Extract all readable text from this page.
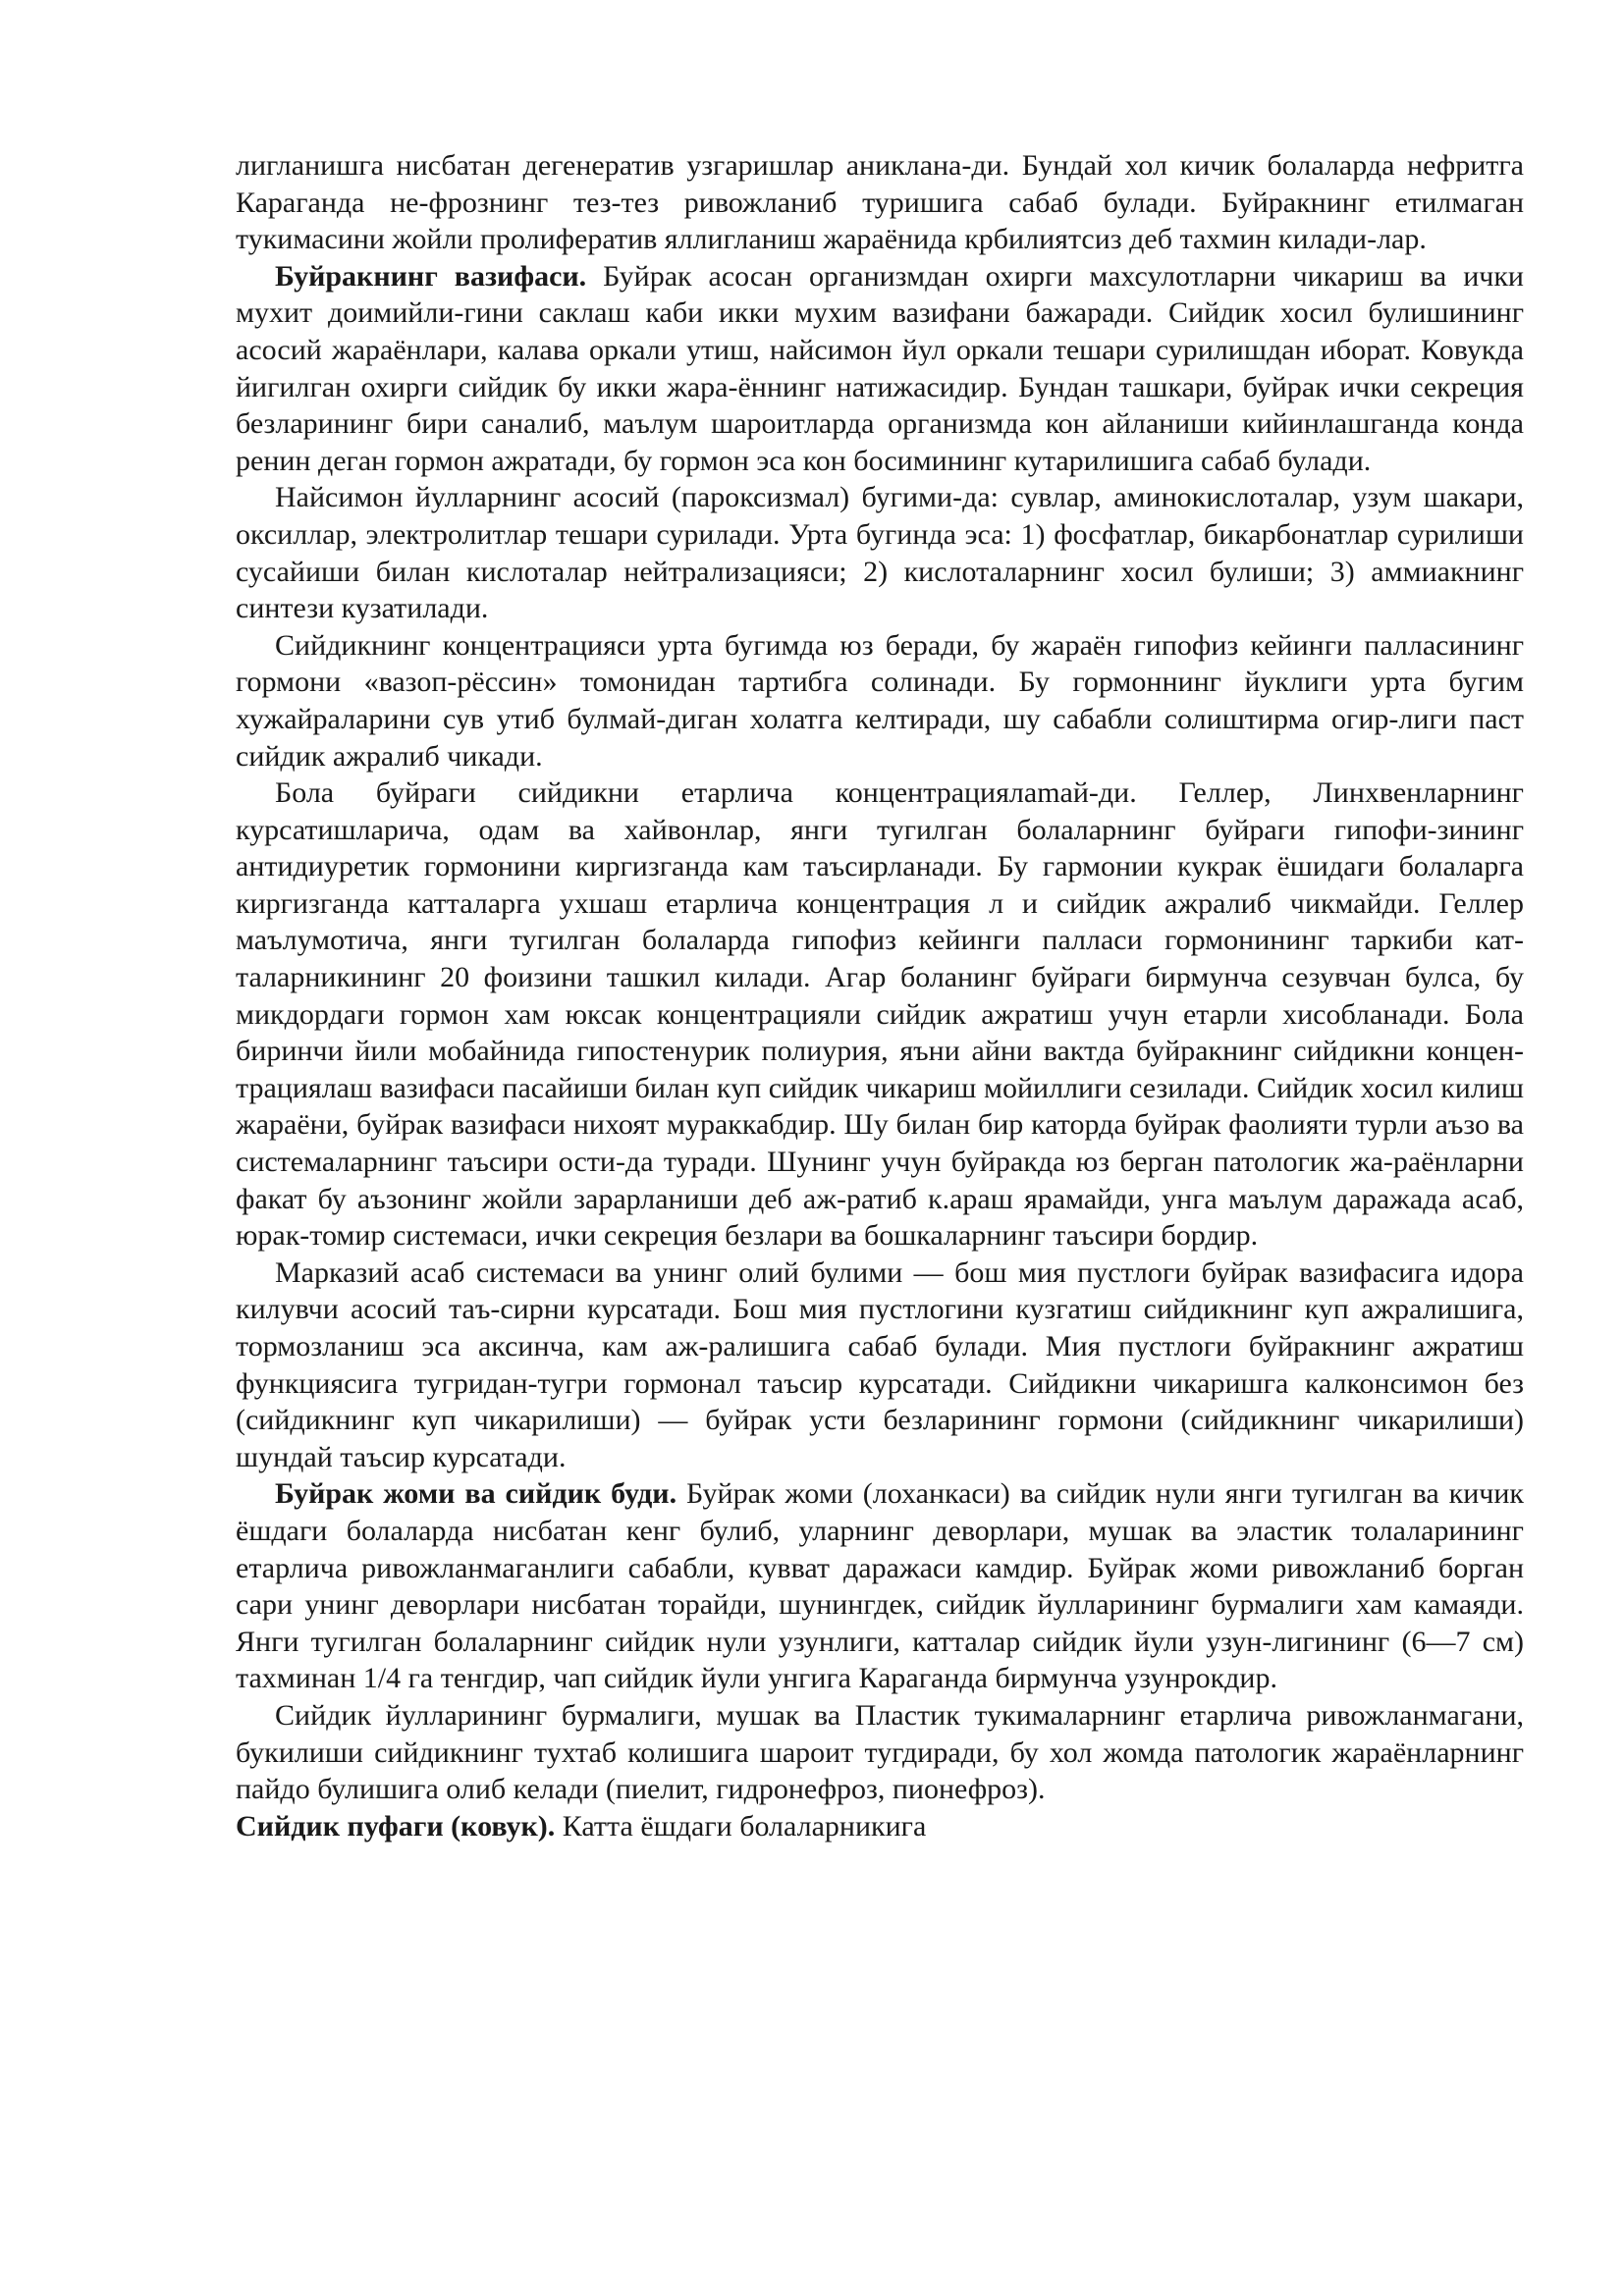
лигланишга нисбатан дегенератив узгаришлар аниклана-ди. Бундай хол кичик болаларда нефритга Караганда не-фрознинг тез-тез ривожланиб туришига сабаб булади. Буйракнинг етилмаган тукимасини жойли пролифератив яллигланиш жараёнида крбилиятсиз деб тахмин килади-лар.

Буйракнинг вазифаси. Буйрак асосан организмдан охирги махсулотларни чикариш ва ички мухит доимийли-гини саклаш каби икки мухим вазифани бажаради. Сийдик хосил булишининг асосий жараёнлари, калава оркали утиш, найсимон йул оркали тешари сурилишдан иборат. Ковукда йигилган охирги сийдик бу икки жара-ённинг натижасидир. Бундан ташкари, буйрак ички секреция безларининг бири саналиб, маълум шароитларда организмда кон айланиши кийинлашганда конда ренин деган гормон ажратади, бу гормон эса кон босимининг кутарилишига сабаб булади.

Найсимон йулларнинг асосий (пароксизмал) бугими-да: сувлар, аминокислоталар, узум шакари, оксиллар, электролитлар тешари сурилади. Урта бугинда эса: 1) фосфатлар, бикарбонатлар сурилиши сусайиши билан кислоталар нейтрализацияси; 2) кислоталарнинг хосил булиши; 3) аммиакнинг синтези кузатилади.

Сийдикнинг концентрацияси урта бугимда юз беради, бу жараён гипофиз кейинги палласининг гормони «вазоп-рёссин» томонидан тартибга солинади. Бу гормоннинг йуклиги урта бугим хужайраларини сув утиб булмай-диган холатга келтиради, шу сабабли солиштирма огир-лиги паст сийдик ажралиб чикади.

Бола буйраги сийдикни етарлича концентрациялаmaй-ди. Геллер, Линхвенларнинг курсатишларича, одам ва хайвонлар, янги тугилган болаларнинг буйраги гипофи-зининг антидиуретик гормонини киргизганда кам таъсирланади. Бу гармонии кукрак ёшидаги болаларга киргизганда катталарга ухшаш етарлича концентрация л и сийдик ажралиб чикмайди. Геллер маълумотича, янги тугилган болаларда гипофиз кейинги палласи гормонининг таркиби кат-таларникининг 20 фоизини ташкил килади. Агар боланинг буйраги бирмунча сезувчан булса, бу микдордаги гормон хам юксак концентрацияли сийдик ажратиш учун етарли хисобланади. Бола биринчи йили мобайнида гипостенурик полиурия, яъни айни вактда буйракнинг сийдикни концен-трациялаш вазифаси пасайиши билан куп сийдик чикариш мойиллиги сезилади. Сийдик хосил килиш жараёни, буйрак вазифаси нихоят мураккабдир. Шу билан бир каторда буйрак фаолияти турли аъзо ва системаларнинг таъсири ости-да туради. Шунинг учун буйракда юз берган патологик жа-раёнларни факат бу аъзонинг жойли зарарланиши деб аж-ратиб к.араш ярамайди, унга маълум даражада асаб, юрак-томир системаси, ички секреция безлари ва бошкаларнинг таъсири бордир.

Марказий асаб системаси ва унинг олий булими — бош мия пустлоги буйрак вазифасига идора килувчи асосий таъ-сирни курсатади. Бош мия пустлогини кузгатиш сийдикнинг куп ажралишига, тормозланиш эса аксинча, кам аж-ралишига сабаб булади. Мия пустлоги буйракнинг ажратиш функциясига тугридан-тугри гормонал таъсир курсатади. Сийдикни чикаришга калконсимон без (сийдикнинг куп чикарилиши) — буйрак усти безларининг гормони (сийдикнинг чикарилиши) шундай таъсир курсатади.

Буйрак жоми ва сийдик буди. Буйрак жоми (лоханкаси) ва сийдик нули янги тугилган ва кичик ёшдаги болаларда нисбатан кенг булиб, уларнинг деворлари, мушак ва эластик толаларининг етарлича ривожланмаганлиги сабабли, кувват даражаси камдир. Буйрак жоми ривожланиб борган сари унинг деворлари нисбатан торайди, шунингдек, сийдик йулларининг бурмалиги хам камаяди. Янги тугилган болаларнинг сийдик нули узунлиги, катталар сийдик йули узун-лигининг (6—7 см) тахминан 1/4 га тенгдир, чап сийдик йули унгига Караганда бирмунча узунрокдир.

Сийдик йулларининг бурмалиги, мушак ва Пластик тукималарнинг етарлича ривожланмагани, букилиши сийдикнинг тухтаб колишига шароит тугдиради, бу хол жомда патологик жараёнларнинг пайдо булишига олиб келади (пиелит, гидронефроз, пионефроз).

Сийдик пуфаги (ковук). Катта ёшдаги болаларникига
